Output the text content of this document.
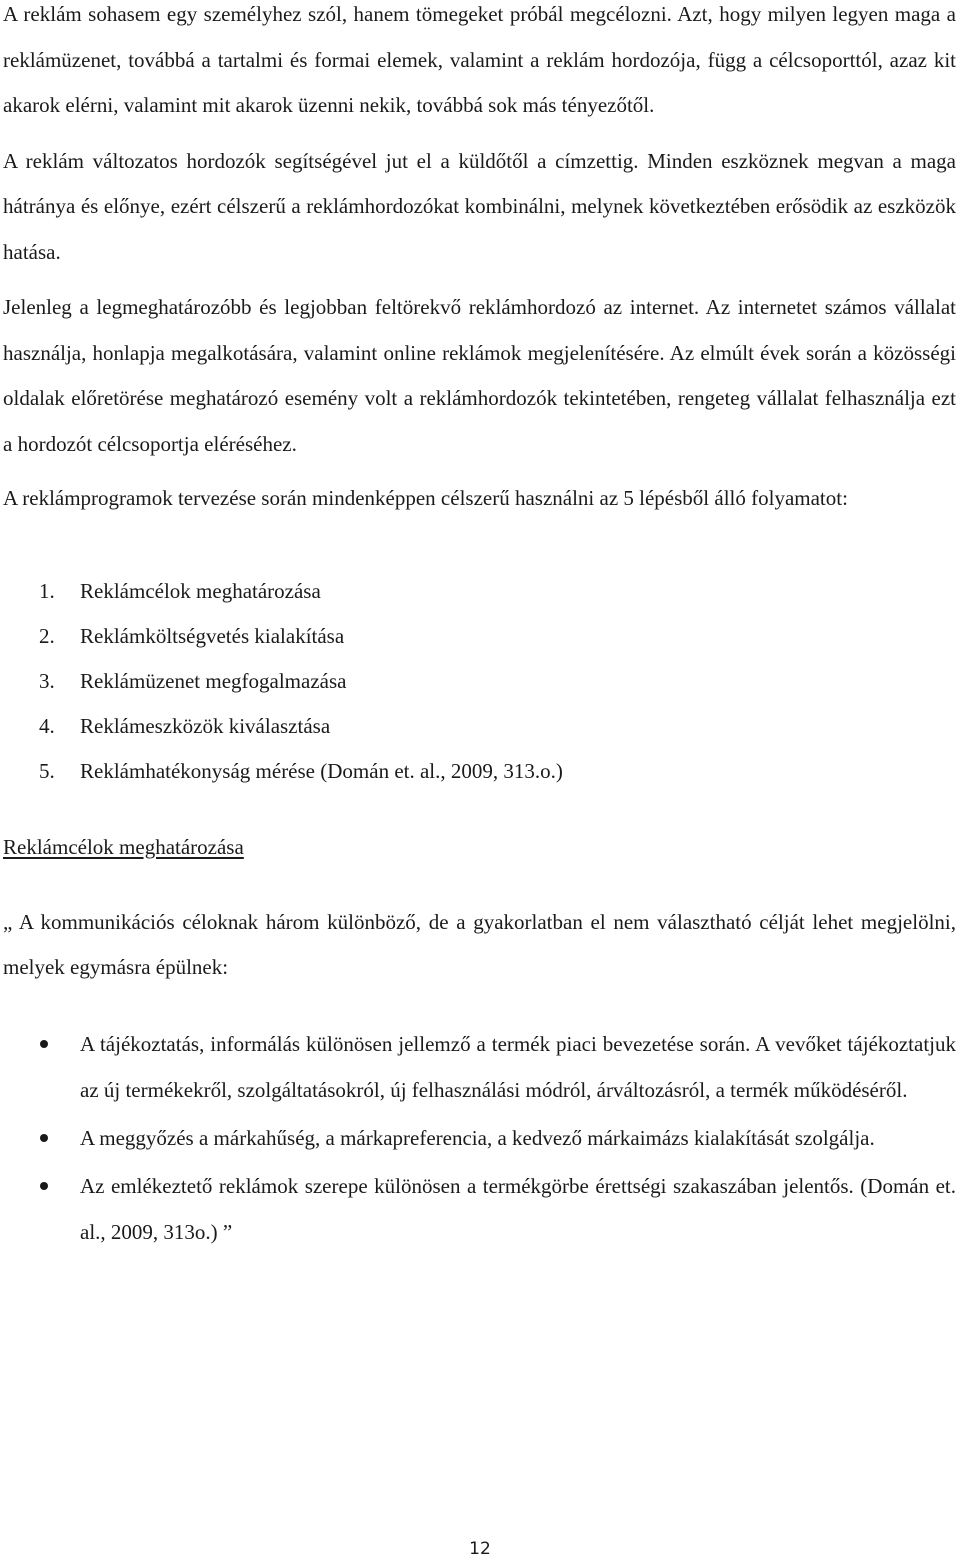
A reklám sohasem egy személyhez szól, hanem tömegeket próbál megcélozni. Azt, hogy milyen legyen maga a reklámüzenet, továbbá a tartalmi és formai elemek, valamint a reklám hordozója, függ a célcsoporttól, azaz kit akarok elérni, valamint mit akarok üzenni nekik, továbbá sok más tényezőtől.

A reklám változatos hordozók segítségével jut el a küldőtől a címzettig. Minden eszköznek megvan a maga hátránya és előnye, ezért célszerű a reklámhordozókat kombinálni, melynek következtében erősödik az eszközök hatása.

Jelenleg a legmeghatározóbb és legjobban feltörekvő reklámhordozó az internet. Az internetet számos vállalat használja, honlapja megalkotására, valamint online reklámok megjelenítésére. Az elmúlt évek során a közösségi oldalak előretörése meghatározó esemény volt a reklámhordozók tekintetében, rengeteg vállalat felhasználja ezt a hordozót célcsoportja eléréséhez.

A reklámprogramok tervezése során mindenképpen célszerű használni az 5 lépésből álló folyamatot:

1.	Reklámcélok meghatározása
2.	Reklámköltségvetés kialakítása
3.	Reklámüzenet megfogalmazása
4.	Reklámeszközök kiválasztása
5.	Reklámhatékonyság mérése (Domán et. al., 2009, 313.o.)
Reklámcélok meghatározása

„ A kommunikációs céloknak három különböző, de a gyakorlatban el nem választható célját lehet megjelölni, melyek egymásra épülnek:

A tájékoztatás, informálás különösen jellemző a termék piaci bevezetése során. A vevőket tájékoztatjuk az új termékekről, szolgáltatásokról, új felhasználási módról, árváltozásról, a termék működéséről.
A meggyőzés a márkahűség, a márkapreferencia, a kedvező márkaimázs kialakítását szolgálja.
Az emlékeztető reklámok szerepe különösen a termékgörbe érettségi szakaszában jelentős. (Domán et. al., 2009, 313o.) ”
12
